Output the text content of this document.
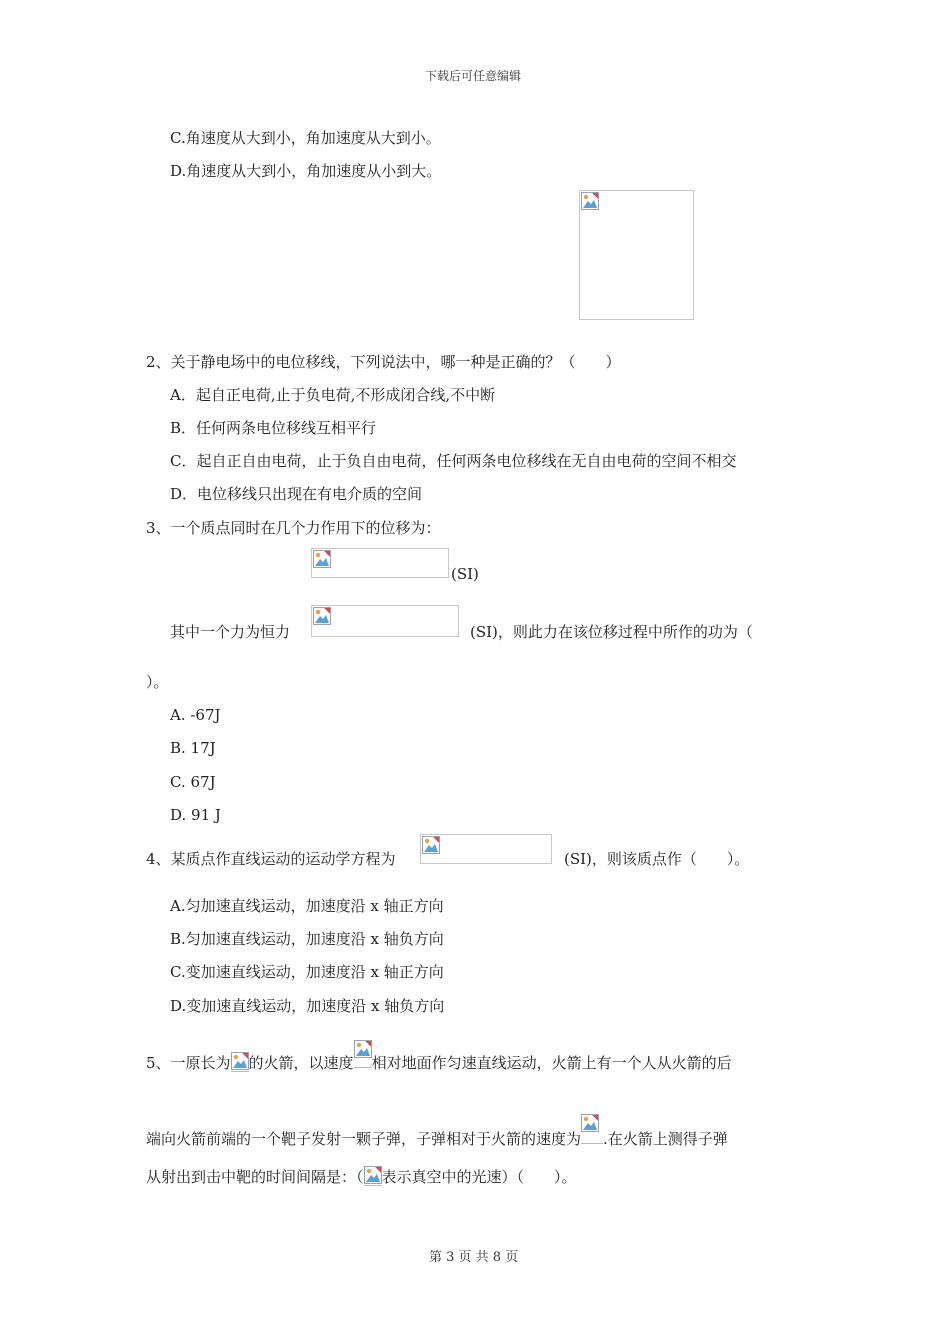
下载后可任意编辑
C.角速度从大到小，角加速度从大到小。
D.角速度从大到小，角加速度从小到大。
2、关于静电场中的电位移线，下列说法中，哪一种是正确的？（　　）
A．起自正电荷,止于负电荷,不形成闭合线,不中断
B．任何两条电位移线互相平行
C．起自正自由电荷，止于负自由电荷，任何两条电位移线在无自由电荷的空间不相交
D．电位移线只出现在有电介质的空间
3、一个质点同时在几个力作用下的位移为：
(SI)
其中一个力为恒力	(SI)，则此力在该位移过程中所作的功为（
）。
A. -67J
B. 17J
C. 67J
D. 91 J
4、某质点作直线运动的运动学方程为	(SI)，则该质点作（　　）。
A.匀加速直线运动，加速度沿 x 轴正方向
B.匀加速直线运动，加速度沿 x 轴负方向
C.变加速直线运动，加速度沿 x 轴正方向
D.变加速直线运动，加速度沿 x 轴负方向
5、一原长为 的火箭，以速度 相对地面作匀速直线运动，火箭上有一个人从火箭的后
端向火箭前端的一个靶子发射一颗子弹，子弹相对于火箭的速度为 .在火箭上测得子弹
从射出到击中靶的时间间隔是：（ 表示真空中的光速）（　　）。
第 3 页 共 8 页
